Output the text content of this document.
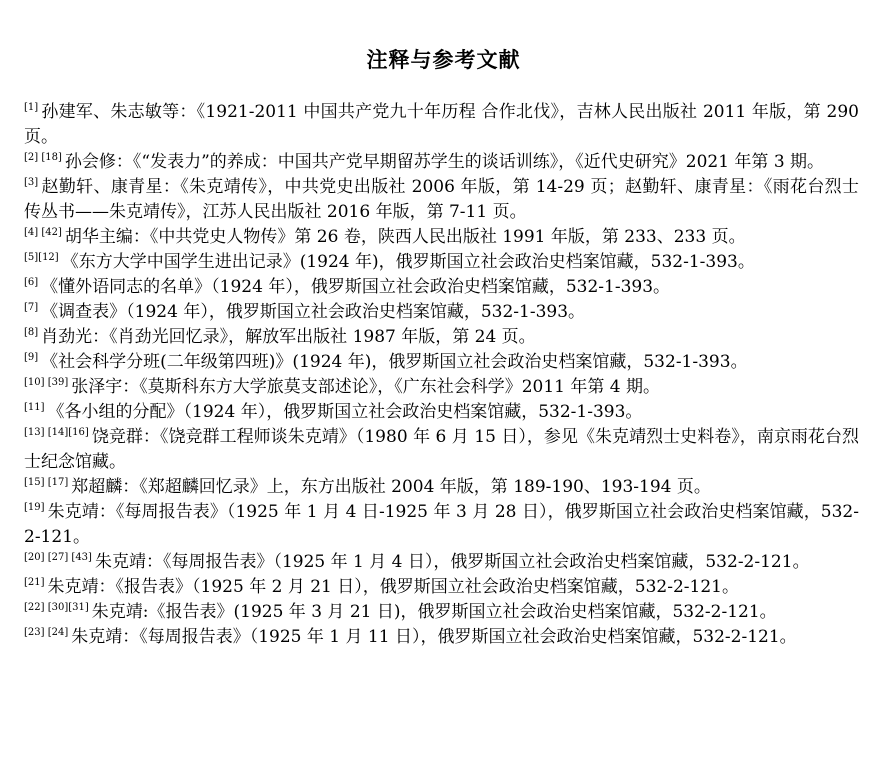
注释与参考文献

[1] 孙建军、朱志敏等：《1921-2011 中国共产党九十年历程 合作北伐》，吉林人民出版社 2011 年版，第 290 页。

[2] [18] 孙会修：《“发表力”的养成：中国共产党早期留苏学生的谈话训练》，《近代史研究》2021 年第 3 期。

[3] 赵勤轩、康青星：《朱克靖传》，中共党史出版社 2006 年版，第 14-29 页；赵勤轩、康青星：《雨花台烈士传丛书——朱克靖传》，江苏人民出版社 2016 年版，第 7-11 页。

[4] [42] 胡华主编：《中共党史人物传》第 26 卷，陕西人民出版社 1991 年版，第 233、233 页。

[5][12] 《东方大学中国学生进出记录》(1924 年)，俄罗斯国立社会政治史档案馆藏，532-1-393。

[6] 《懂外语同志的名单》（1924 年），俄罗斯国立社会政治史档案馆藏，532-1-393。

[7] 《调查表》（1924 年），俄罗斯国立社会政治史档案馆藏，532-1-393。

[8] 肖劲光：《肖劲光回忆录》，解放军出版社 1987 年版，第 24 页。

[9] 《社会科学分班(二年级第四班)》(1924 年)，俄罗斯国立社会政治史档案馆藏，532-1-393。

[10] [39] 张泽宇：《莫斯科东方大学旅莫支部述论》，《广东社会科学》2011 年第 4 期。

[11] 《各小组的分配》（1924 年），俄罗斯国立社会政治史档案馆藏，532-1-393。

[13] [14][16] 饶竞群：《饶竞群工程师谈朱克靖》（1980 年 6 月 15 日），参见《朱克靖烈士史料卷》，南京雨花台烈士纪念馆藏。

[15] [17] 郑超麟：《郑超麟回忆录》上，东方出版社 2004 年版，第 189-190、193-194 页。

[19] 朱克靖：《每周报告表》（1925 年 1 月 4 日-1925 年 3 月 28 日），俄罗斯国立社会政治史档案馆藏，532-2-121。

[20] [27] [43] 朱克靖：《每周报告表》（1925 年 1 月 4 日），俄罗斯国立社会政治史档案馆藏，532-2-121。

[21] 朱克靖：《报告表》（1925 年 2 月 21 日），俄罗斯国立社会政治史档案馆藏，532-2-121。

[22] [30][31] 朱克靖:《报告表》(1925 年 3 月 21 日)，俄罗斯国立社会政治史档案馆藏，532-2-121。

[23] [24] 朱克靖：《每周报告表》（1925 年 1 月 11 日），俄罗斯国立社会政治史档案馆藏，532-2-121。
